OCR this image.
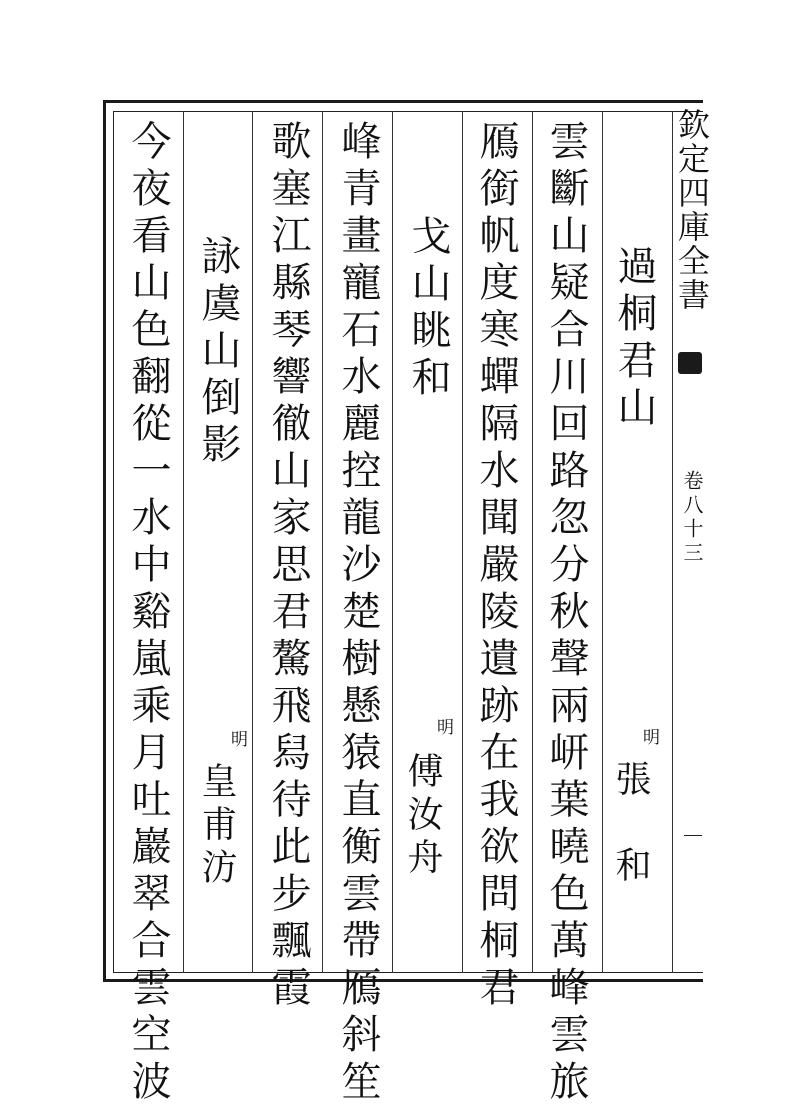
欽定四庫全書
卷八十三
過桐君山
明
張　和
雲斷山疑合川回路忽分秋聲兩岍葉曉色萬峰雲旅
鴈銜帆度寒蟬隔水聞嚴陵遺跡在我欲問桐君
戈山眺和
明
傅汝舟
峰青畫寵石水麗控龍沙楚樹懸猿直衡雲帶鴈斜笙
歌塞江縣琴響徹山家思君驁飛舄待此步飄霞
詠虞山倒影
明
皇甫汸
今夜看山色翻從一水中谿嵐乘月吐巖翠合雲空波
